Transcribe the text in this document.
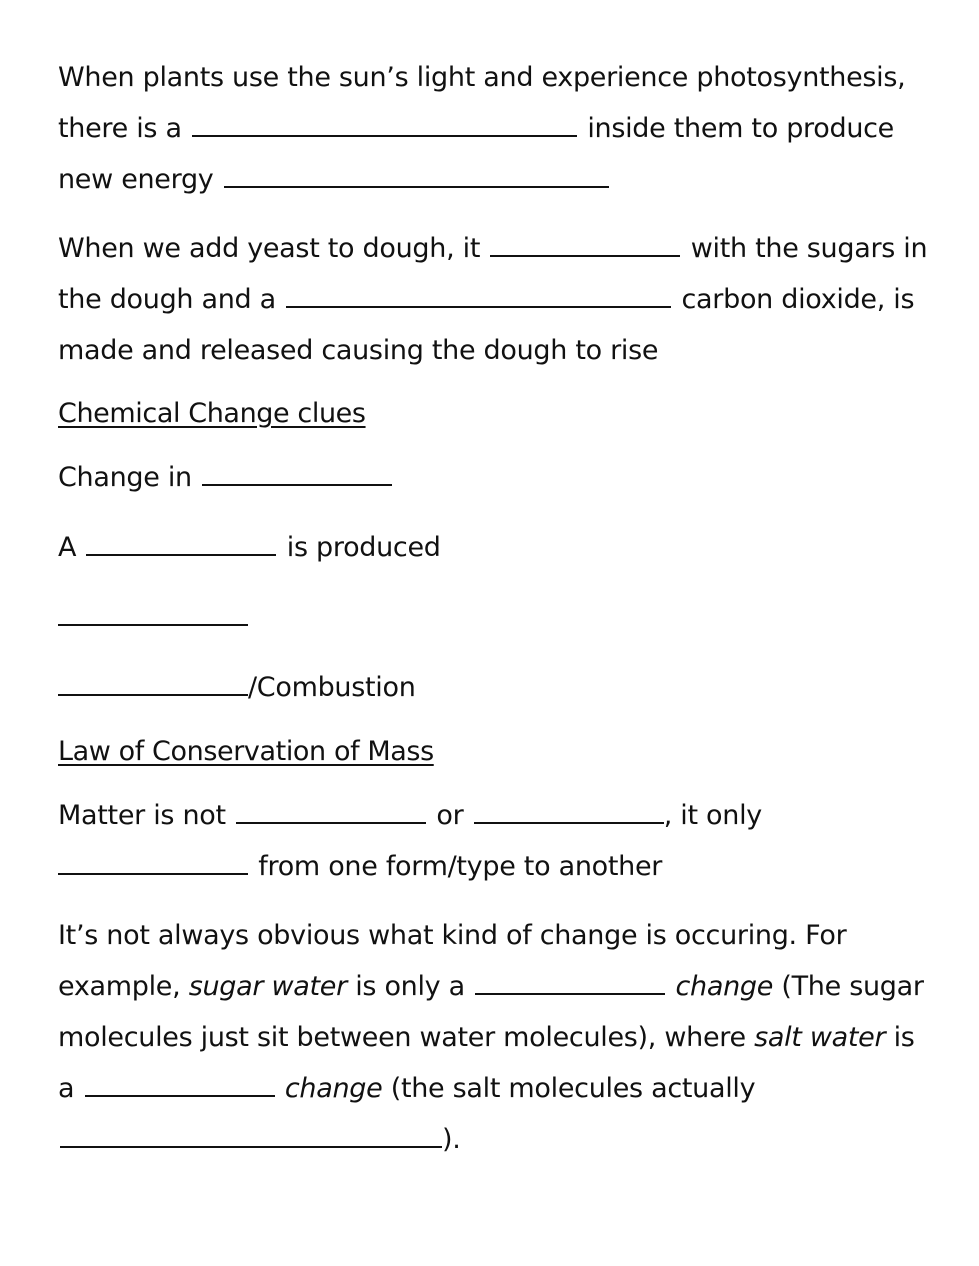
When plants use the sun’s light and experience photosynthesis, there is a	inside them to produce new energy

When we add yeast to dough, it	with the sugars in the dough and a	carbon dioxide, is made and released causing the dough to rise

Chemical Change clues
Change in
A	is produced
/Combustion
Law of Conservation of Mass

Matter is not	or	, it only  from one form/type to another

It’s not always obvious what kind of change is occuring. For example, sugar water is only a	change (The sugar molecules just sit between water molecules), where salt water is a	change (the salt molecules actually ).
